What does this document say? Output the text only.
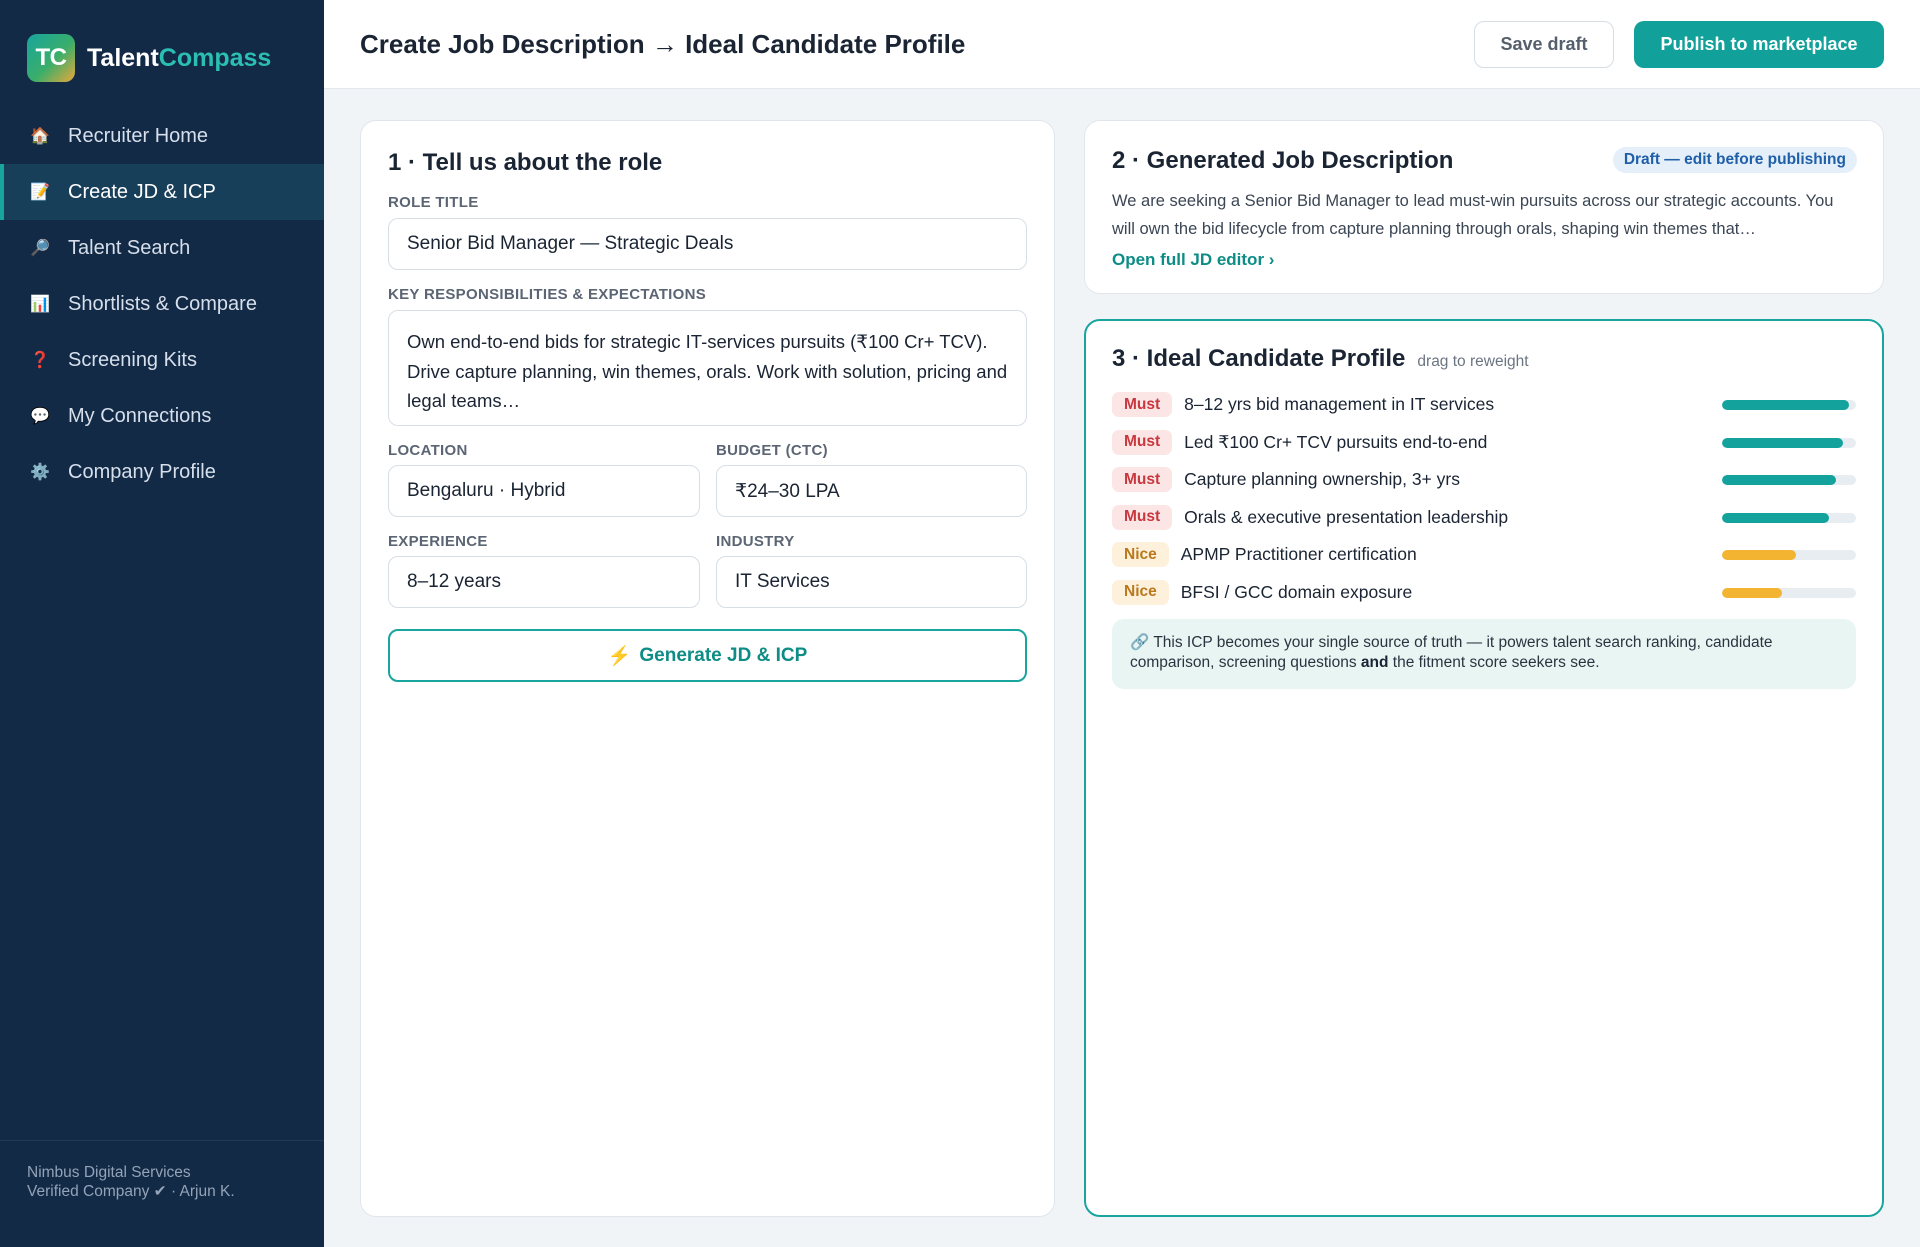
TC TalentCompass
🏠 Recruiter Home
📝 Create JD & ICP
🔎 Talent Search
📊 Shortlists & Compare
❓ Screening Kits
💬 My Connections
⚙️ Company Profile
Nimbus Digital Services
Verified Company ✔ · Arjun K.
Create Job Description → Ideal Candidate Profile	Save draft	Publish to marketplace
1 · Tell us about the role
ROLE TITLE
Senior Bid Manager — Strategic Deals
KEY RESPONSIBILITIES & EXPECTATIONS
Own end-to-end bids for strategic IT-services pursuits (₹100 Cr+ TCV). Drive capture planning, win themes, orals. Work with solution, pricing and legal teams…
LOCATION
Bengaluru · Hybrid
BUDGET (CTC)
₹24–30 LPA
EXPERIENCE
8–12 years
INDUSTRY
IT Services
⚡ Generate JD & ICP
2 · Generated Job Description	Draft — edit before publishing

We are seeking a Senior Bid Manager to lead must-win pursuits across our strategic accounts. You will own the bid lifecycle from capture planning through orals, shaping win themes that…

Open full JD editor ›
3 · Ideal Candidate Profile drag to reweight
Must	8–12 yrs bid management in IT services
Must	Led ₹100 Cr+ TCV pursuits end-to-end
Must	Capture planning ownership, 3+ yrs
Must	Orals & executive presentation leadership
Nice	APMP Practitioner certification
Nice	BFSI / GCC domain exposure
🔗 This ICP becomes your single source of truth — it powers talent search ranking, candidate comparison, screening questions and the fitment score seekers see.
